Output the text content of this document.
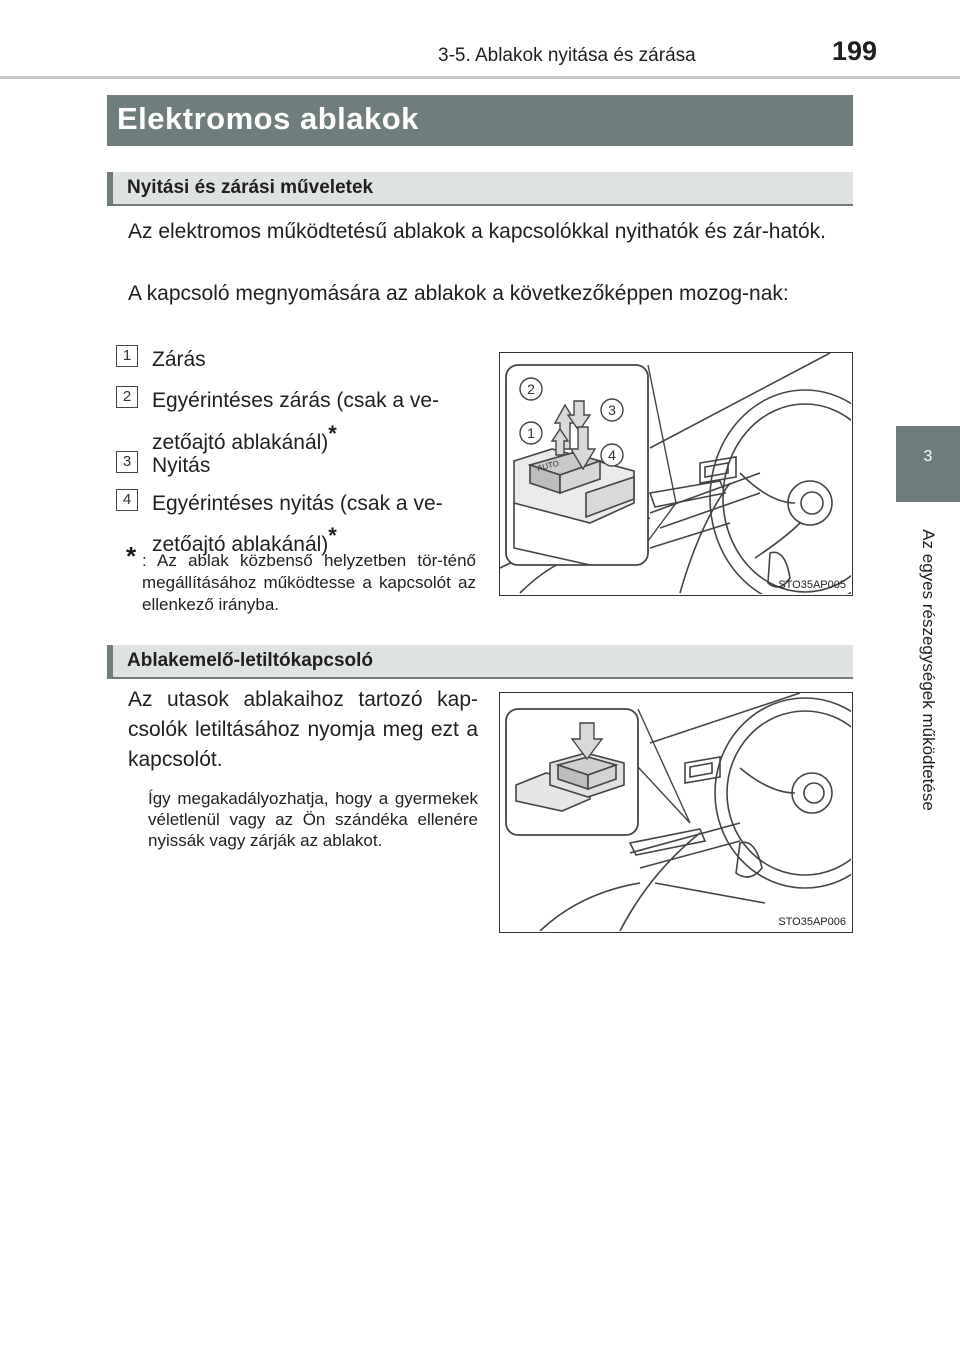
3-5. Ablakok nyitása és zárása	199
3
Az egyes részegységek működtetése
Elektromos ablakok
Nyitási és zárási műveletek
Az elektromos működtetésű ablakok a kapcsolókkal nyithatók és zár-hatók.
A kapcsoló megnyomására az ablakok a következőképpen mozog-nak:
1 Zárás
2 Egyérintéses zárás (csak a ve-
zetőajtó ablakánál)*
3 Nyitás
4 Egyérintéses nyitás (csak a ve-
zetőajtó ablakánál)*
* : Az ablak közbenső helyzetben tör-ténő megállításához működtesse a kapcsolót az ellenkező irányba.
AUTO
2
3
1
4
STO35AP005
Ablakemelő-letiltókapcsoló
Az utasok ablakaihoz tartozó kap-csolók letiltásához nyomja meg ezt a kapcsolót.
Így megakadályozhatja, hogy a gyermekek véletlenül vagy az Ön szándéka ellenére nyissák vagy zárják az ablakot.
STO35AP006
